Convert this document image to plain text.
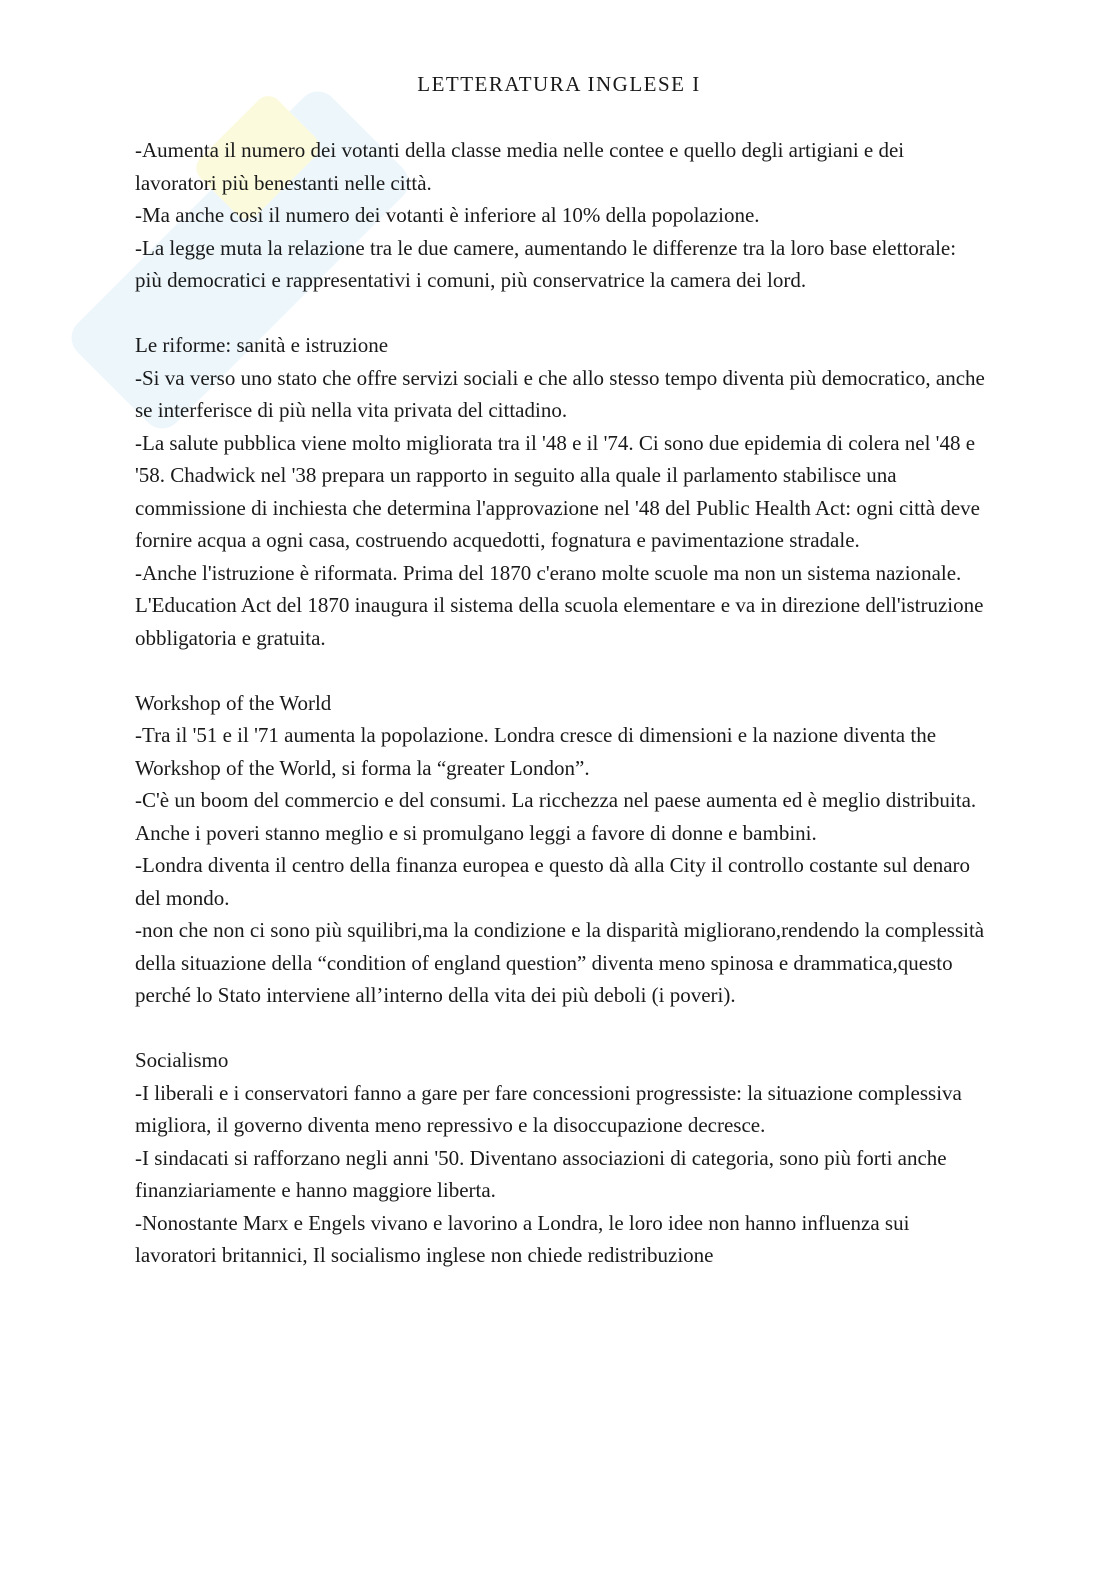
LETTERATURA INGLESE I

-Aumenta il numero dei votanti della classe media nelle contee e quello degli artigiani e dei lavoratori più benestanti nelle città.

-Ma anche così il numero dei votanti è inferiore al 10% della popolazione.

-La legge muta la relazione tra le due camere, aumentando le differenze tra la loro base elettorale: più democratici e rappresentativi i comuni, più conservatrice la camera dei lord.

Le riforme: sanità e istruzione

-Si va verso uno stato che offre servizi sociali e che allo stesso tempo diventa più democratico, anche se interferisce di più nella vita privata del cittadino.

-La salute pubblica viene molto migliorata tra il '48 e il '74. Ci sono due epidemia di colera nel '48 e '58. Chadwick nel '38 prepara un rapporto in seguito alla quale il parlamento stabilisce una commissione di inchiesta che determina l'approvazione nel '48 del Public Health Act: ogni città deve fornire acqua a ogni casa, costruendo acquedotti, fognatura e pavimentazione stradale.

-Anche l'istruzione è riformata. Prima del 1870 c'erano molte scuole ma non un sistema nazionale. L'Education Act del 1870 inaugura il sistema della scuola elementare e va in direzione dell'istruzione obbligatoria e gratuita.

Workshop of the World

-Tra il '51 e il '71 aumenta la popolazione. Londra cresce di dimensioni e la nazione diventa the Workshop of the World, si forma la “greater London”.

-C'è un boom del commercio e del consumi. La ricchezza nel paese aumenta ed è meglio distribuita. Anche i poveri stanno meglio e si promulgano leggi a favore di donne e bambini.

-Londra diventa il centro della finanza europea e questo dà alla City il controllo costante sul denaro del mondo.

-non che non ci sono più squilibri,ma la condizione e la disparità migliorano,rendendo la complessità della situazione della “condition of england question” diventa meno spinosa e drammatica,questo perché lo Stato interviene all’interno della vita dei più deboli (i poveri).

Socialismo

-I liberali e i conservatori fanno a gare per fare concessioni progressiste: la situazione complessiva migliora, il governo diventa meno repressivo e la disoccupazione decresce.

-I sindacati si rafforzano negli anni '50. Diventano associazioni di categoria, sono più forti anche finanziariamente e hanno maggiore liberta.

-Nonostante Marx e Engels vivano e lavorino a Londra, le loro idee non hanno influenza sui lavoratori britannici, Il socialismo inglese non chiede redistribuzione
